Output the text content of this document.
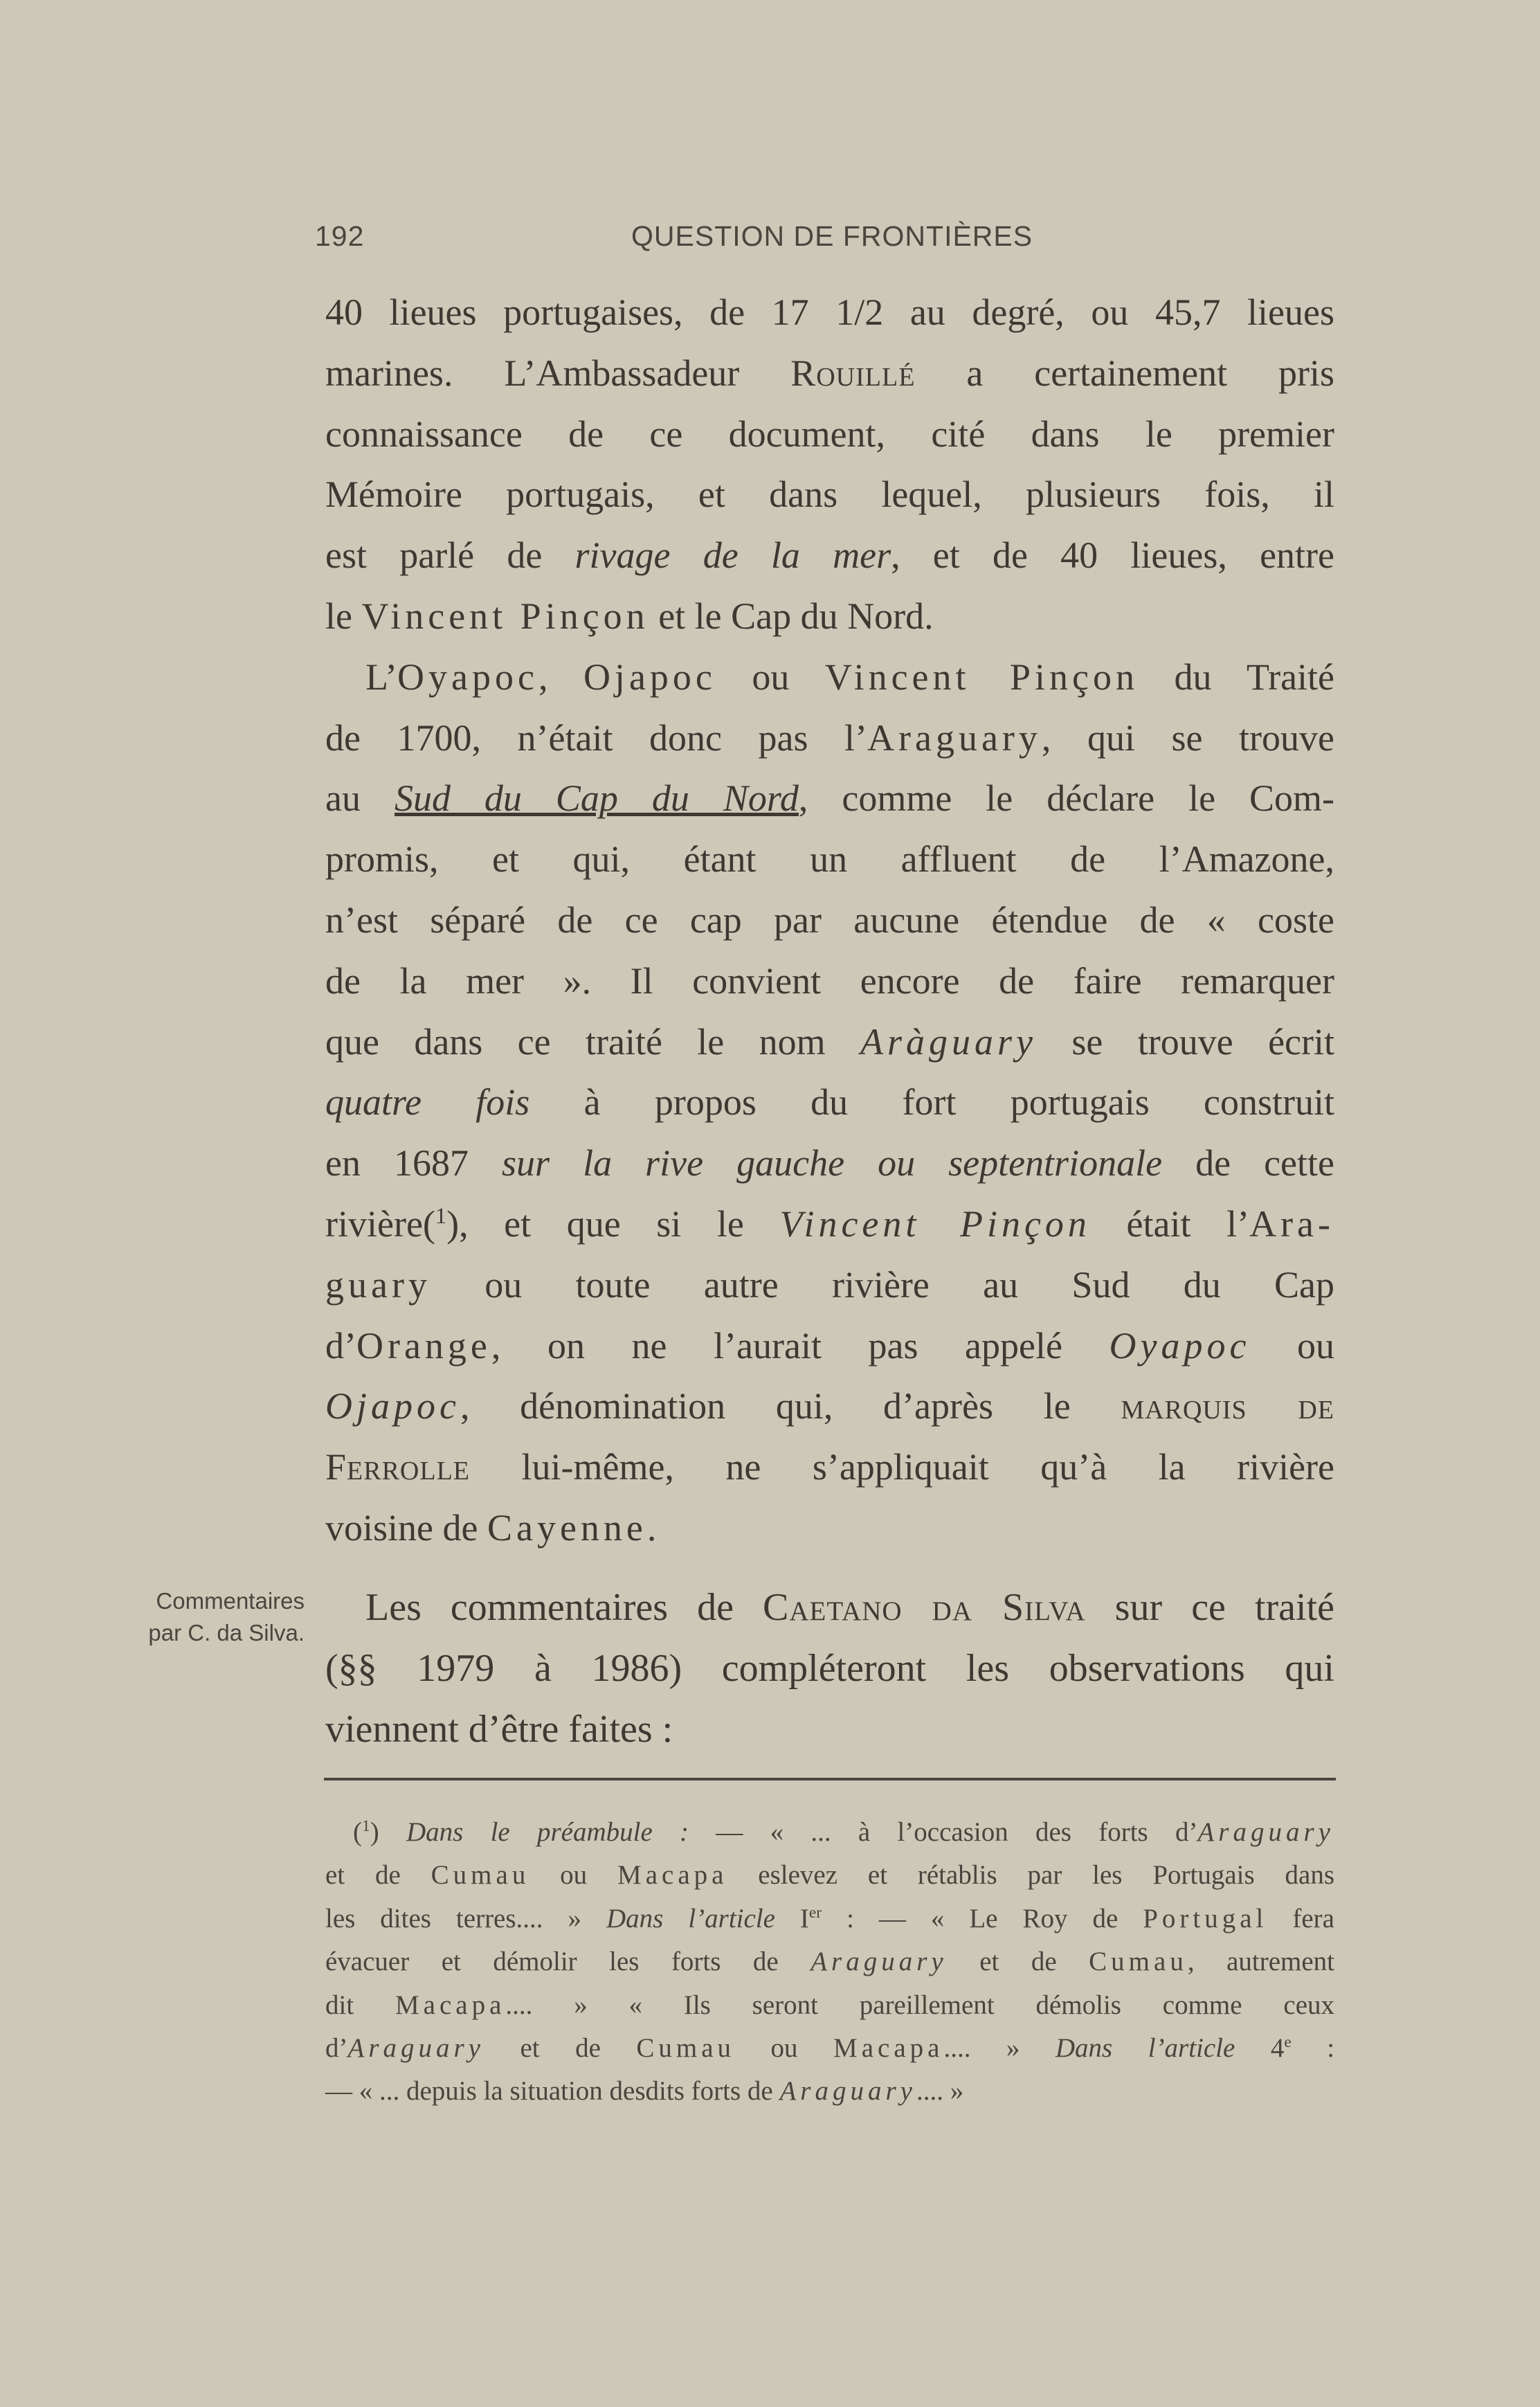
192	QUESTION DE FRONTIÈRES
40 lieues portugaises, de 17 1/2 au degré, ou 45,7 lieues
marines. L’Ambassadeur Rouillé a certainement pris
connaissance de ce document, cité dans le premier
Mémoire portugais, et dans lequel, plusieurs fois, il
est parlé de rivage de la mer, et de 40 lieues, entre
le Vincent Pinçon et le Cap du Nord.
L’Oyapoc, Ojapoc ou Vincent Pinçon du Traité
de 1700, n’était donc pas l’Araguary, qui se trouve
au Sud du Cap du Nord, comme le déclare le Com-
promis, et qui, étant un affluent de l’Amazone,
n’est séparé de ce cap par aucune étendue de « coste
de la mer ». Il convient encore de faire remarquer
que dans ce traité le nom Aràguary se trouve écrit
quatre fois à propos du fort portugais construit
en 1687 sur la rive gauche ou septentrionale de cette
rivière($^1$), et que si le Vincent Pinçon était l’Ara-
guary ou toute autre rivière au Sud du Cap
d’Orange, on ne l’aurait pas appelé Oyapoc ou
Ojapoc, dénomination qui, d’après le marquis de
Ferrolle lui-même, ne s’appliquait qu’à la rivière
voisine de Cayenne.
Commentaires
par C. da Silva.
Les commentaires de Caetano da Silva sur ce traité
(§§ 1979 à 1986) compléteront les observations qui
viennent d’être faites :
($^1$) Dans le préambule : — « ... à l’occasion des forts d’Araguary
et de Cumau ou Macapa eslevez et rétablis par les Portugais dans
les dites terres.... » Dans l’article Ier : — « Le Roy de Portugal fera
évacuer et démolir les forts de Araguary et de Cumau, autrement
dit Macapa.... » « Ils seront pareillement démolis comme ceux
d’Araguary et de Cumau ou Macapa.... » Dans l’article 4e :
— « ... depuis la situation desdits forts de Araguary.... »
